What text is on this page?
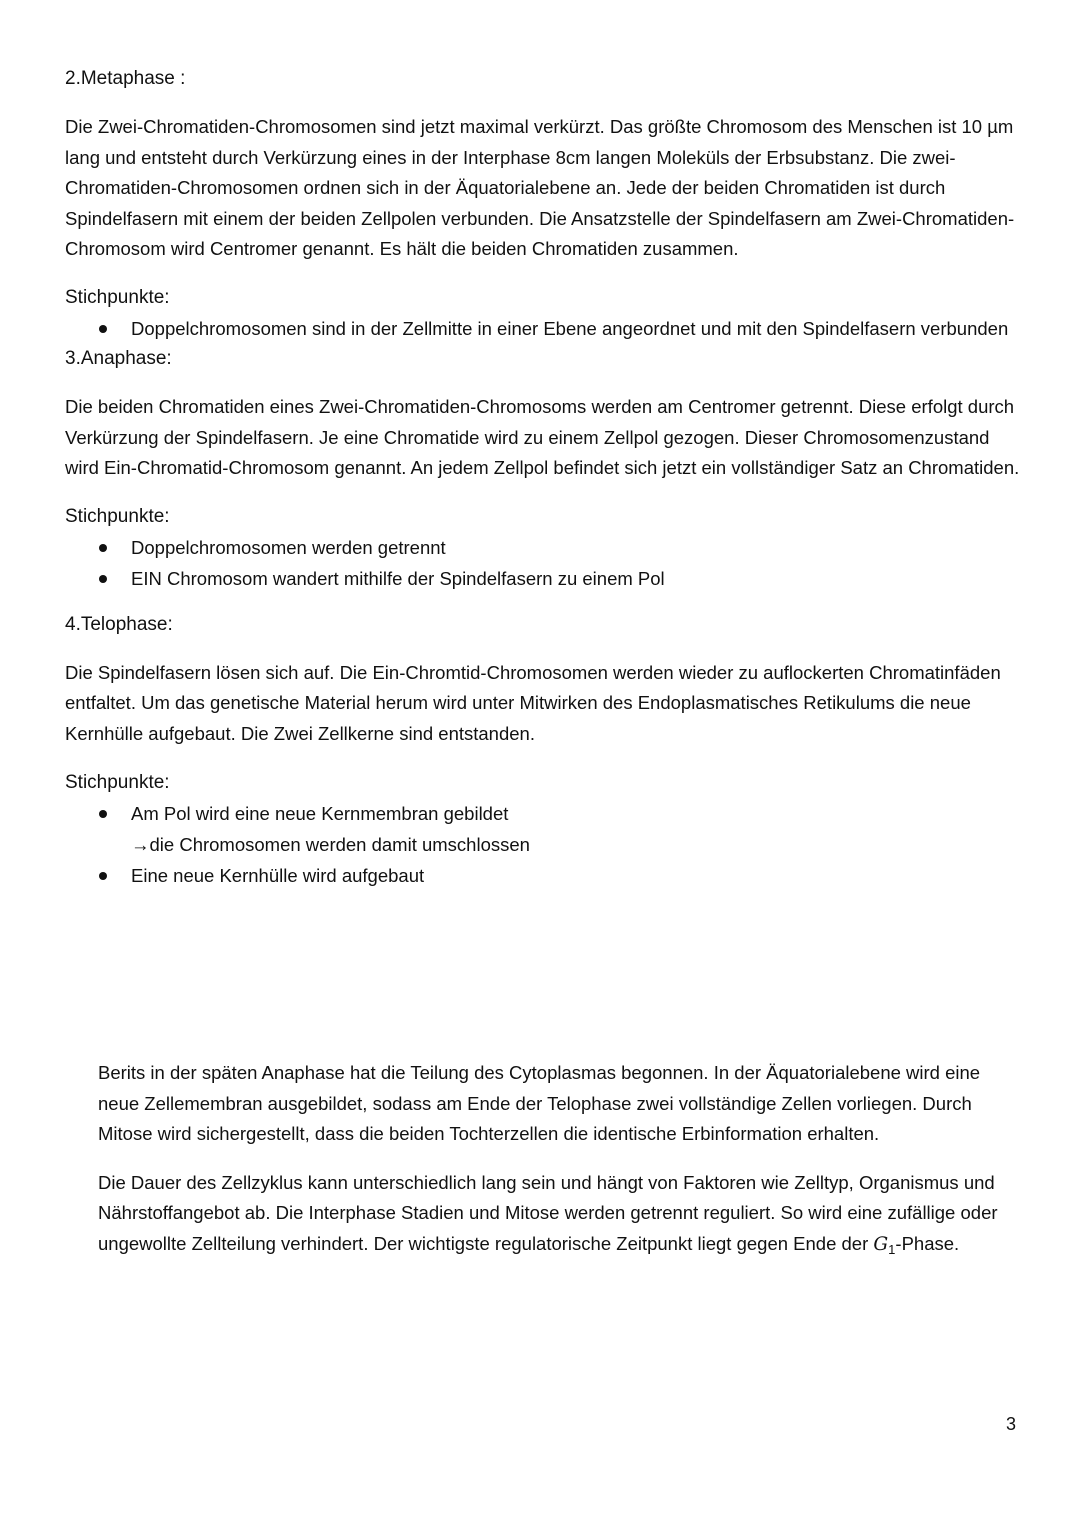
2.Metaphase :
Die Zwei-Chromatiden-Chromosomen sind jetzt maximal verkürzt. Das größte Chromosom des Menschen ist 10 µm lang und entsteht durch Verkürzung eines in der Interphase 8cm langen Moleküls der Erbsubstanz. Die zwei-Chromatiden-Chromosomen ordnen sich in der Äquatorialebene an. Jede der beiden Chromatiden ist durch Spindelfasern mit einem der beiden Zellpolen verbunden. Die Ansatzstelle der Spindelfasern am Zwei-Chromatiden-Chromosom wird Centromer genannt. Es hält die beiden Chromatiden zusammen.
Stichpunkte:
Doppelchromosomen sind in der Zellmitte in einer Ebene angeordnet und mit den Spindelfasern verbunden
3.Anaphase:
Die beiden Chromatiden eines Zwei-Chromatiden-Chromosoms werden am Centromer getrennt. Diese erfolgt durch Verkürzung der Spindelfasern. Je eine Chromatide wird zu einem Zellpol gezogen. Dieser Chromosomenzustand wird Ein-Chromatid-Chromosom genannt. An jedem Zellpol befindet sich jetzt ein vollständiger Satz an Chromatiden.
Stichpunkte:
Doppelchromosomen werden getrennt
EIN Chromosom wandert mithilfe der Spindelfasern zu einem Pol
4.Telophase:
Die Spindelfasern lösen sich auf. Die Ein-Chromtid-Chromosomen werden wieder zu auflockerten Chromatinfäden entfaltet. Um das genetische Material herum wird unter Mitwirken des Endoplasmatisches Retikulums die neue Kernhülle aufgebaut. Die Zwei Zellkerne sind entstanden.
Stichpunkte:
Am Pol wird eine neue Kernmembran gebildet
→die Chromosomen werden damit umschlossen
Eine neue Kernhülle wird aufgebaut
Berits in der späten Anaphase hat die Teilung des Cytoplasmas begonnen. In der Äquatorialebene wird eine neue Zellemembran ausgebildet, sodass am Ende der Telophase zwei vollständige Zellen vorliegen. Durch Mitose wird sichergestellt, dass die beiden Tochterzellen die identische Erbinformation erhalten.
Die Dauer des Zellzyklus kann unterschiedlich lang sein und hängt von Faktoren wie Zelltyp, Organismus und Nährstoffangebot ab. Die Interphase Stadien und Mitose werden getrennt reguliert. So wird eine zufällige oder ungewollte Zellteilung verhindert. Der wichtigste regulatorische Zeitpunkt liegt gegen Ende der $G_1$-Phase.
3
